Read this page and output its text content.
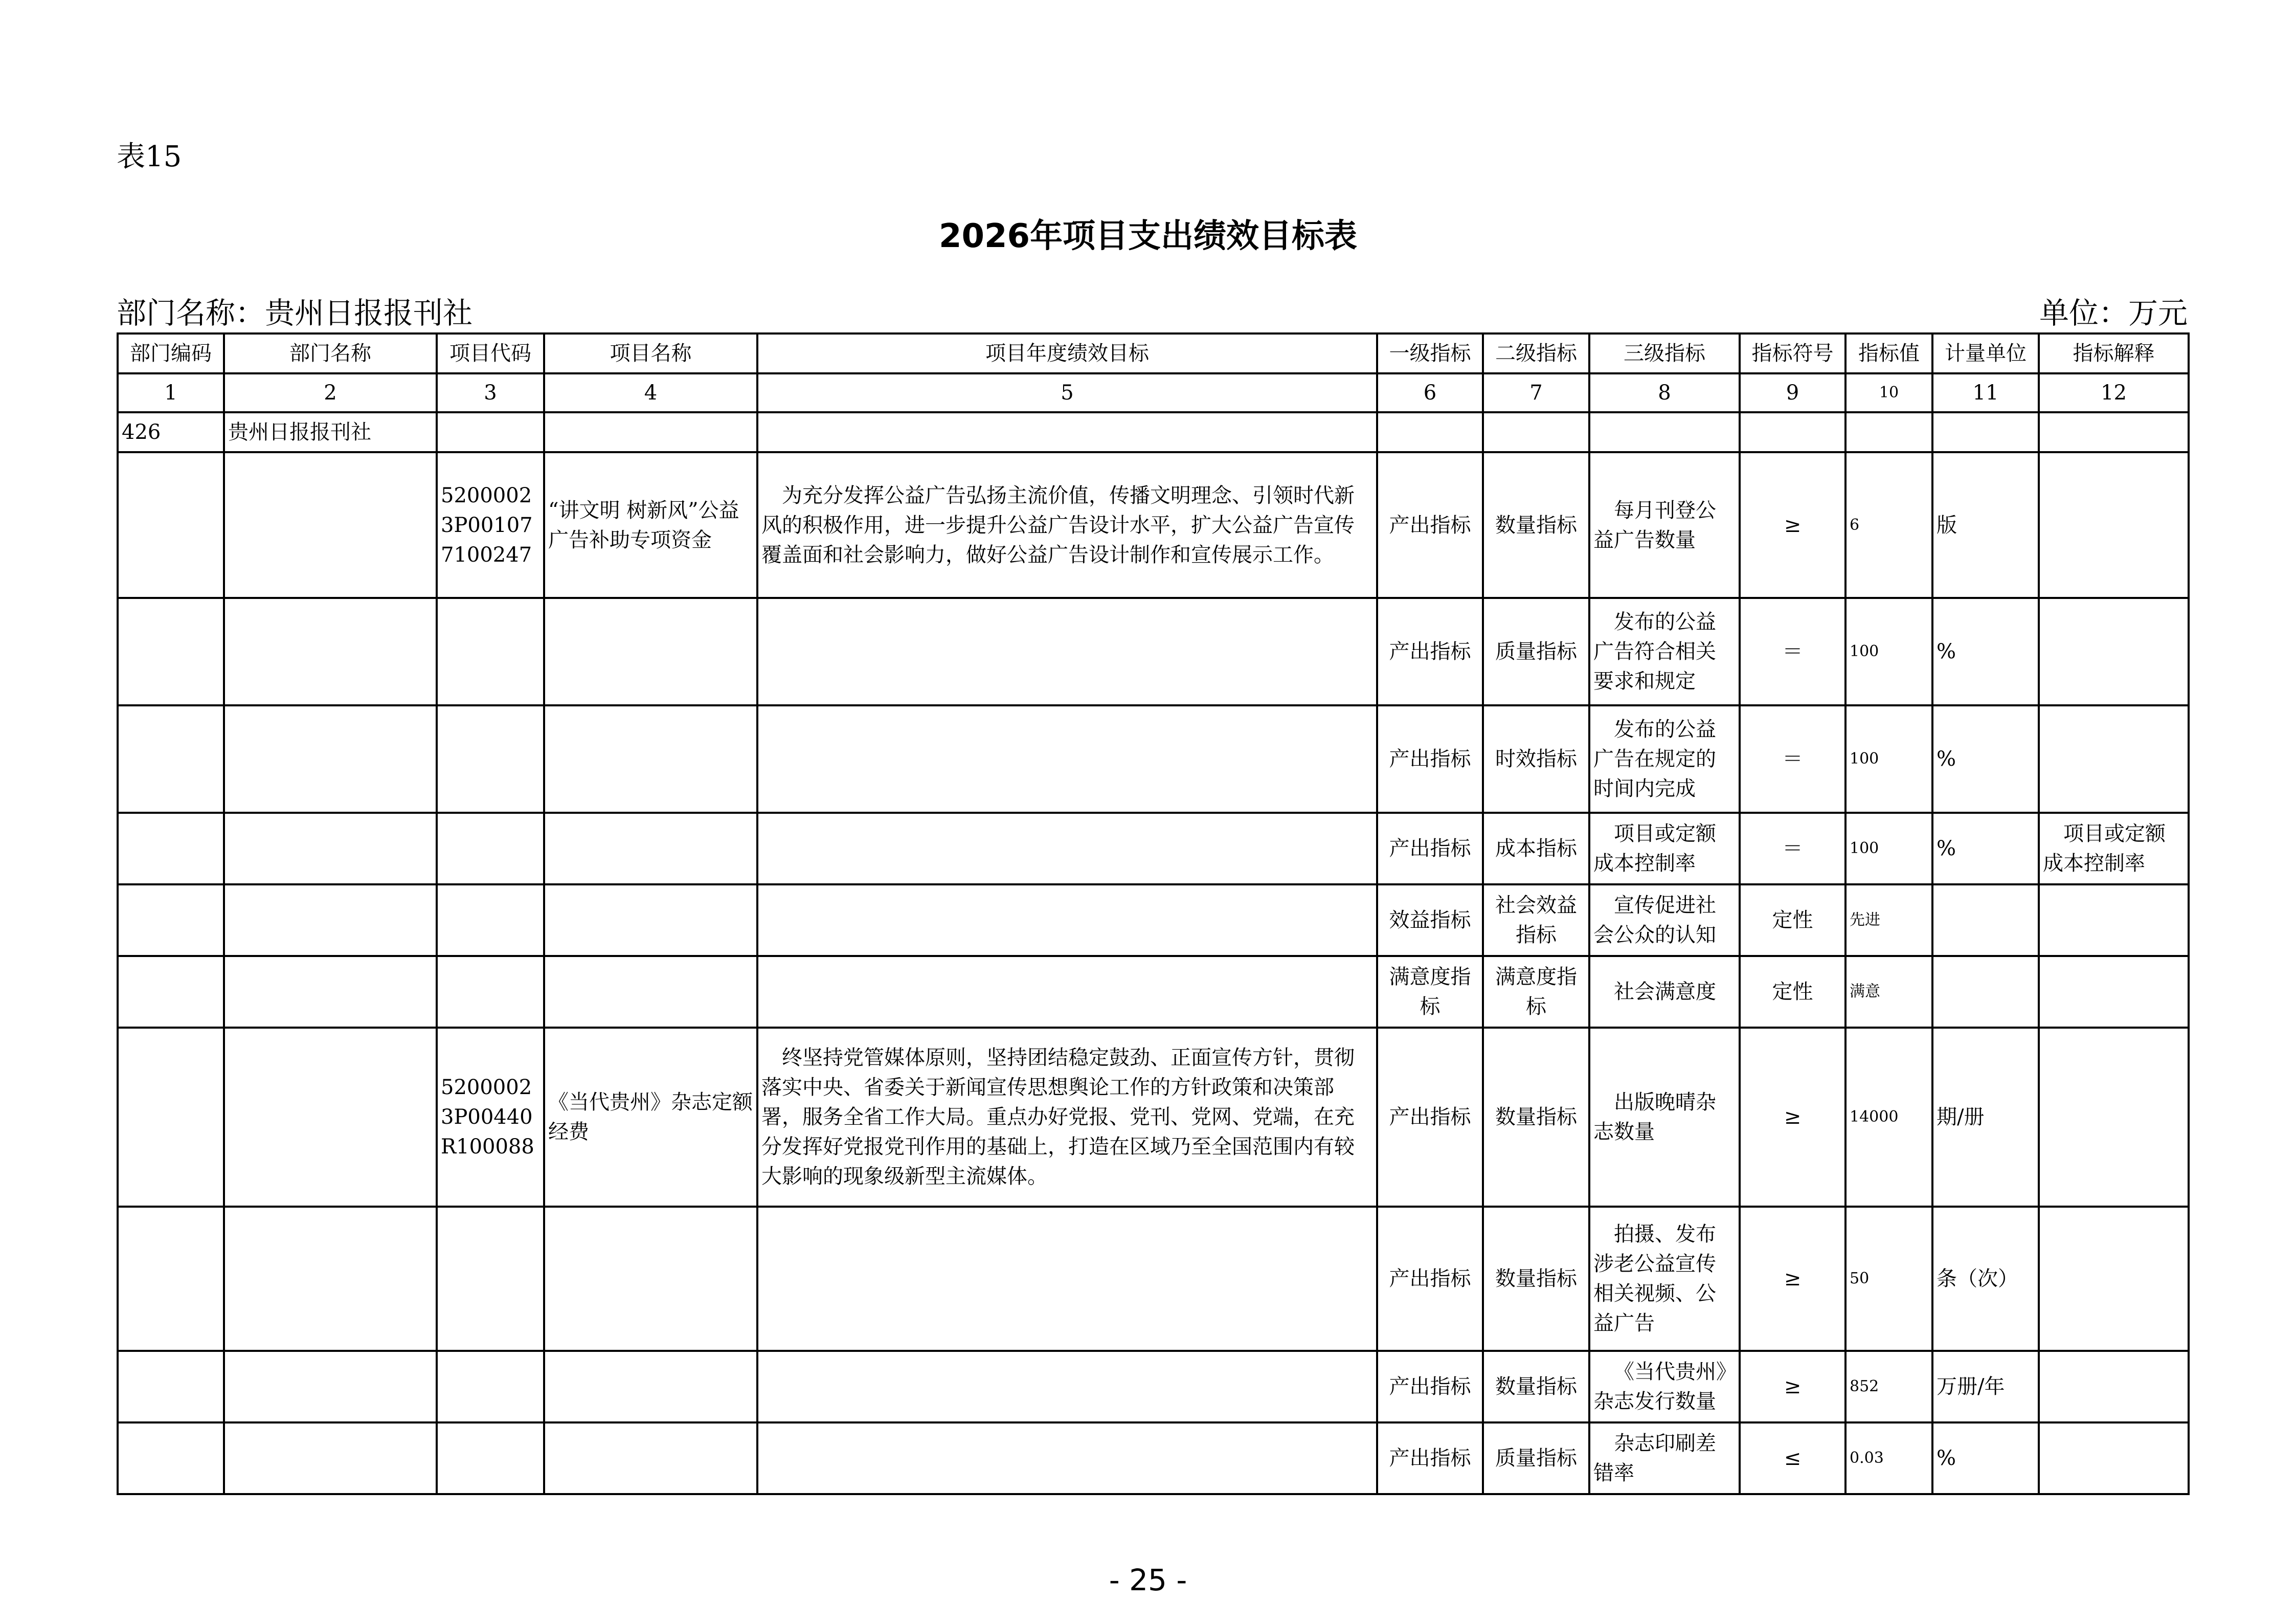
表15
2026年项目支出绩效目标表
部门名称：贵州日报报刊社	单位：万元
部门编码	部门名称	项目代码	项目名称	项目年度绩效目标	一级指标	二级指标	三级指标	指标符号	指标值	计量单位	指标解释
1	2	3	4	5	6	7	8	9	10	11	12
426	贵州日报报刊社										
		52000023P001077100247	“讲文明 树新风”公益广告补助专项资金	为充分发挥公益广告弘扬主流价值，传播文明理念、引领时代新风的积极作用，进一步提升公益广告设计水平，扩大公益广告宣传覆盖面和社会影响力，做好公益广告设计制作和宣传展示工作。	产出指标	数量指标	每月刊登公益广告数量	≥	6	版	
					产出指标	质量指标	发布的公益广告符合相关要求和规定	＝	100	%	
					产出指标	时效指标	发布的公益广告在规定的时间内完成	＝	100	%	
					产出指标	成本指标	项目或定额成本控制率	＝	100	%	项目或定额成本控制率
					效益指标	社会效益指标	宣传促进社会公众的认知	定性	先进		
					满意度指标	满意度指标	社会满意度	定性	满意		
		52000023P00440R100088	《当代贵州》杂志定额经费	终坚持党管媒体原则，坚持团结稳定鼓劲、正面宣传方针，贯彻落实中央、省委关于新闻宣传思想舆论工作的方针政策和决策部署，服务全省工作大局。重点办好党报、党刊、党网、党端，在充分发挥好党报党刊作用的基础上，打造在区域乃至全国范围内有较大影响的现象级新型主流媒体。	产出指标	数量指标	出版晚晴杂志数量	≥	14000	期/册	
					产出指标	数量指标	拍摄、发布涉老公益宣传相关视频、公益广告	≥	50	条（次）	
					产出指标	数量指标	《当代贵州》杂志发行数量	≥	852	万册/年	
					产出指标	质量指标	杂志印刷差错率	≤	0.03	%	
- 25 -
